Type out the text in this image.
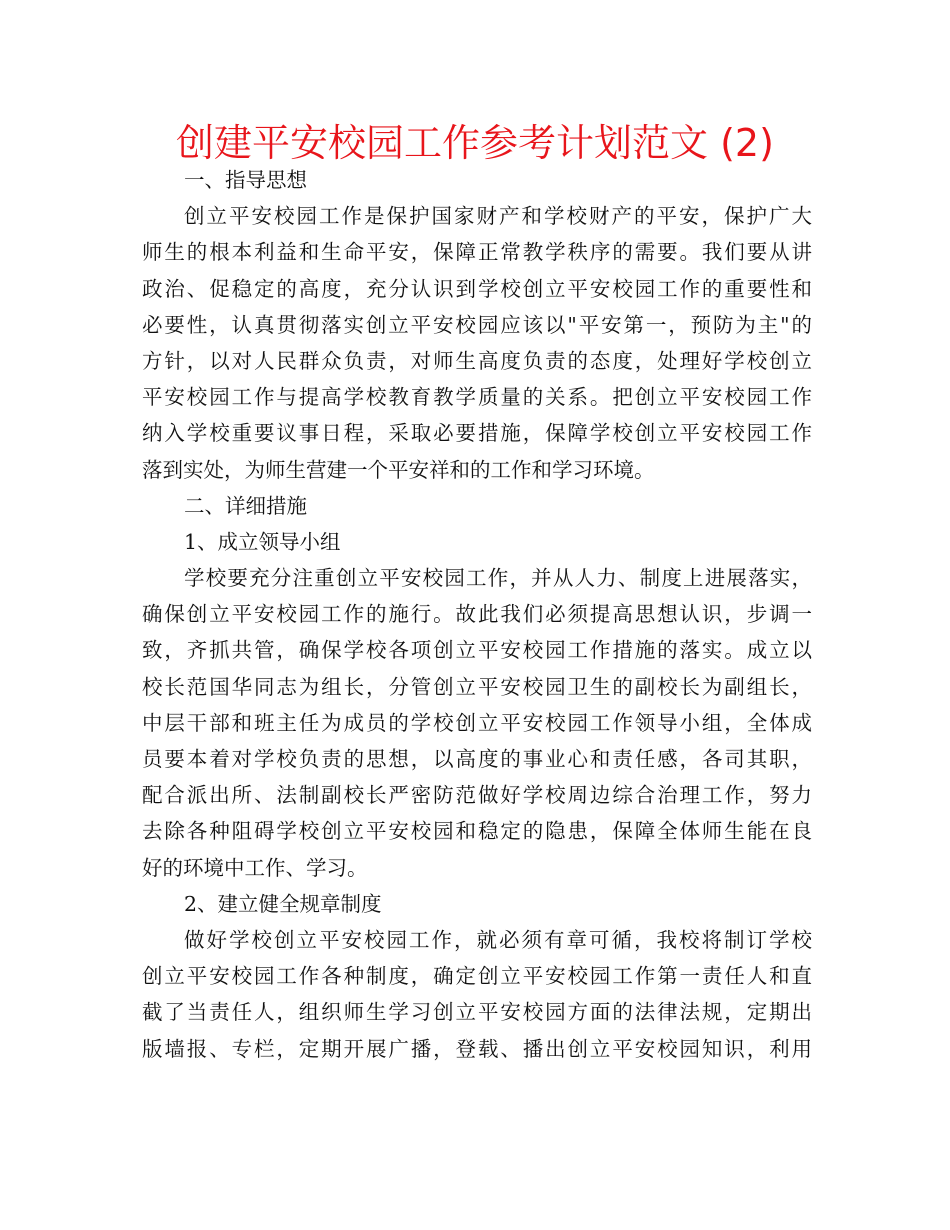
创建平安校园工作参考计划范文 (2)
一、指导思想
创立平安校园工作是保护国家财产和学校财产的平安，保护广大
师生的根本利益和生命平安，保障正常教学秩序的需要。我们要从讲
政治、促稳定的高度，充分认识到学校创立平安校园工作的重要性和
必要性，认真贯彻落实创立平安校园应该以"平安第一，预防为主"的
方针，以对人民群众负责，对师生高度负责的态度，处理好学校创立
平安校园工作与提高学校教育教学质量的关系。把创立平安校园工作
纳入学校重要议事日程，采取必要措施，保障学校创立平安校园工作
落到实处，为师生营建一个平安祥和的工作和学习环境。
二、详细措施
1、成立领导小组
学校要充分注重创立平安校园工作，并从人力、制度上进展落实，
确保创立平安校园工作的施行。故此我们必须提高思想认识，步调一
致，齐抓共管，确保学校各项创立平安校园工作措施的落实。成立以
校长范国华同志为组长，分管创立平安校园卫生的副校长为副组长，
中层干部和班主任为成员的学校创立平安校园工作领导小组，全体成
员要本着对学校负责的思想，以高度的事业心和责任感，各司其职，
配合派出所、法制副校长严密防范做好学校周边综合治理工作，努力
去除各种阻碍学校创立平安校园和稳定的隐患，保障全体师生能在良
好的环境中工作、学习。
2、建立健全规章制度
做好学校创立平安校园工作，就必须有章可循，我校将制订学校
创立平安校园工作各种制度，确定创立平安校园工作第一责任人和直
截了当责任人，组织师生学习创立平安校园方面的法律法规，定期出
版墙报、专栏，定期开展广播，登载、播出创立平安校园知识，利用
